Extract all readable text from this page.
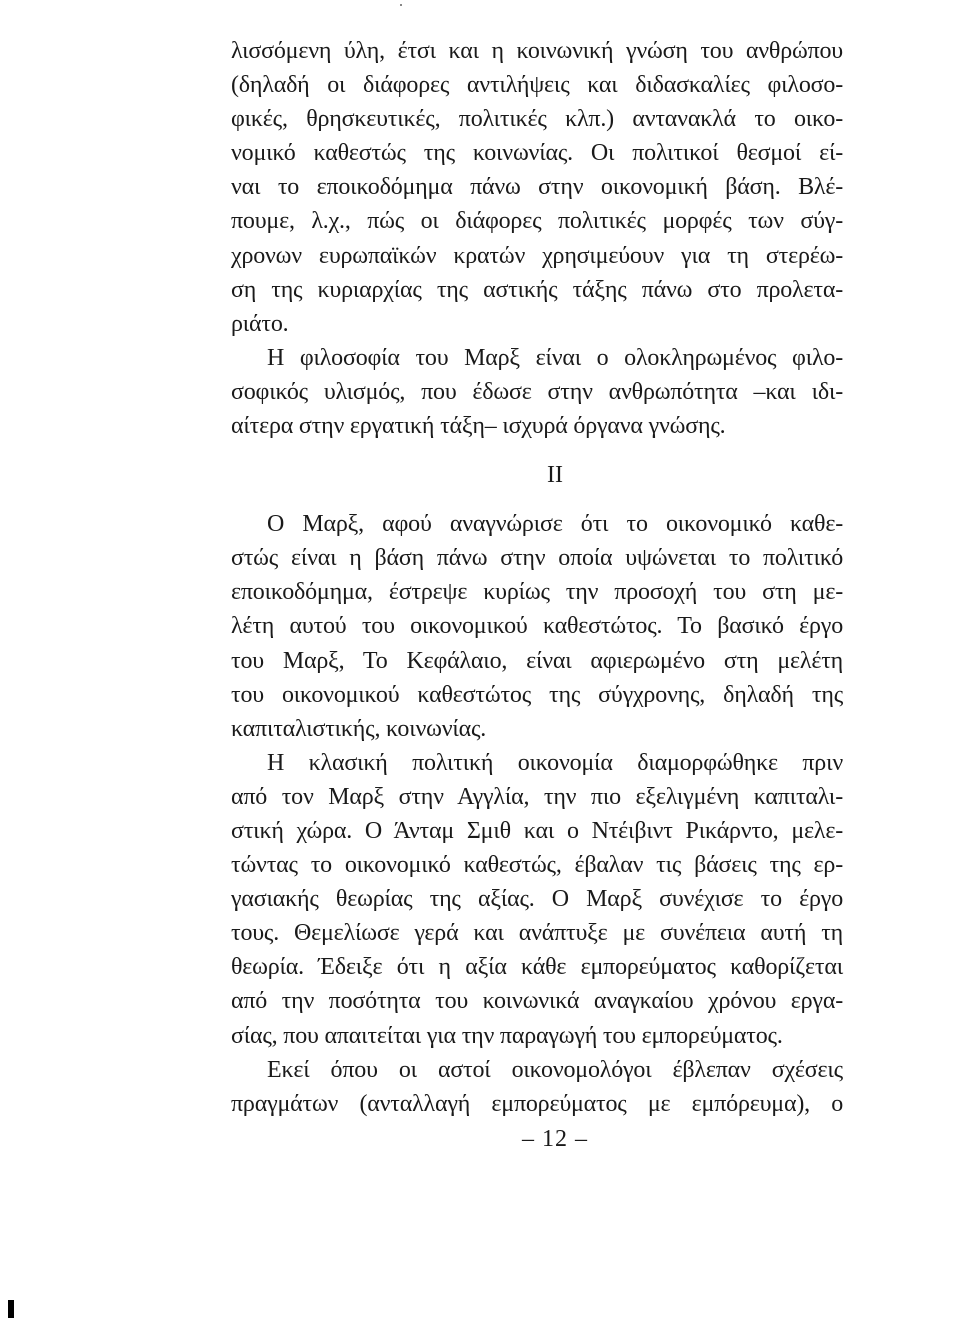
λισσόμενη ύλη, έτσι και η κοινωνική γνώση του ανθρώπου
(δηλαδή οι διάφορες αντιλήψεις και διδασκαλίες φιλοσο-
φικές, θρησκευτικές, πολιτικές κλπ.) αντανακλά το οικο-
νομικό καθεστώς της κοινωνίας. Οι πολιτικοί θεσμοί εί-
ναι το εποικοδόμημα πάνω στην οικονομική βάση. Βλέ-
πουμε, λ.χ., πώς οι διάφορες πολιτικές μορφές των σύγ-
χρονων ευρωπαϊκών κρατών χρησιμεύουν για τη στερέω-
ση της κυριαρχίας της αστικής τάξης πάνω στο προλετα-
ριάτο.
Η φιλοσοφία του Μαρξ είναι ο ολοκληρωμένος φιλο-
σοφικός υλισμός, που έδωσε στην ανθρωπότητα –και ιδι-
αίτερα στην εργατική τάξη– ισχυρά όργανα γνώσης.
II
Ο Μαρξ, αφού αναγνώρισε ότι το οικονομικό καθε-
στώς είναι η βάση πάνω στην οποία υψώνεται το πολιτικό
εποικοδόμημα, έστρεψε κυρίως την προσοχή του στη με-
λέτη αυτού του οικονομικού καθεστώτος. Το βασικό έργο
του Μαρξ, Το Κεφάλαιο, είναι αφιερωμένο στη μελέτη
του οικονομικού καθεστώτος της σύγχρονης, δηλαδή της
καπιταλιστικής, κοινωνίας.
Η κλασική πολιτική οικονομία διαμορφώθηκε πριν
από τον Μαρξ στην Αγγλία, την πιο εξελιγμένη καπιταλι-
στική χώρα. Ο Άνταμ Σμιθ και ο Ντέιβιντ Ρικάρντο, μελε-
τώντας το οικονομικό καθεστώς, έβαλαν τις βάσεις της ερ-
γασιακής θεωρίας της αξίας. Ο Μαρξ συνέχισε το έργο
τους. Θεμελίωσε γερά και ανάπτυξε με συνέπεια αυτή τη
θεωρία. Έδειξε ότι η αξία κάθε εμπορεύματος καθορίζεται
από την ποσότητα του κοινωνικά αναγκαίου χρόνου εργα-
σίας, που απαιτείται για την παραγωγή του εμπορεύματος.
Εκεί όπου οι αστοί οικονομολόγοι έβλεπαν σχέσεις
πραγμάτων (ανταλλαγή εμπορεύματος με εμπόρευμα), ο
– 12 –
